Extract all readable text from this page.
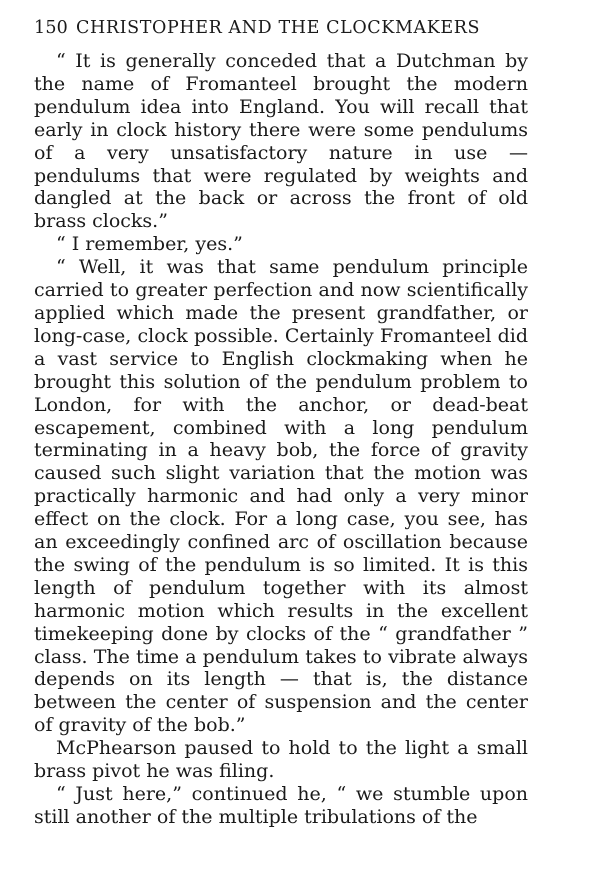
150 CHRISTOPHER AND THE CLOCKMAKERS

“ It is generally conceded that a Dutchman by the name of Fromanteel brought the modern pendulum idea into England. You will recall that early in clock history there were some pendulums of a very unsatisfactory nature in use — pendulums that were regulated by weights and dangled at the back or across the front of old brass clocks.”

“ I remember, yes.”

“ Well, it was that same pendulum principle carried to greater perfection and now scientifically applied which made the present grandfather, or long-case, clock possible. Certainly Fromanteel did a vast service to English clockmaking when he brought this solution of the pendulum problem to London, for with the anchor, or dead-beat escapement, combined with a long pendulum terminating in a heavy bob, the force of gravity caused such slight variation that the motion was practically harmonic and had only a very minor effect on the clock. For a long case, you see, has an exceedingly confined arc of oscillation because the swing of the pendulum is so limited. It is this length of pendulum together with its almost harmonic motion which results in the excellent timekeeping done by clocks of the “ grandfather ” class. The time a pendulum takes to vibrate always depends on its length — that is, the distance between the center of suspension and the center of gravity of the bob.”

McPhearson paused to hold to the light a small brass pivot he was filing.

“ Just here,” continued he, “ we stumble upon still another of the multiple tribulations of the
